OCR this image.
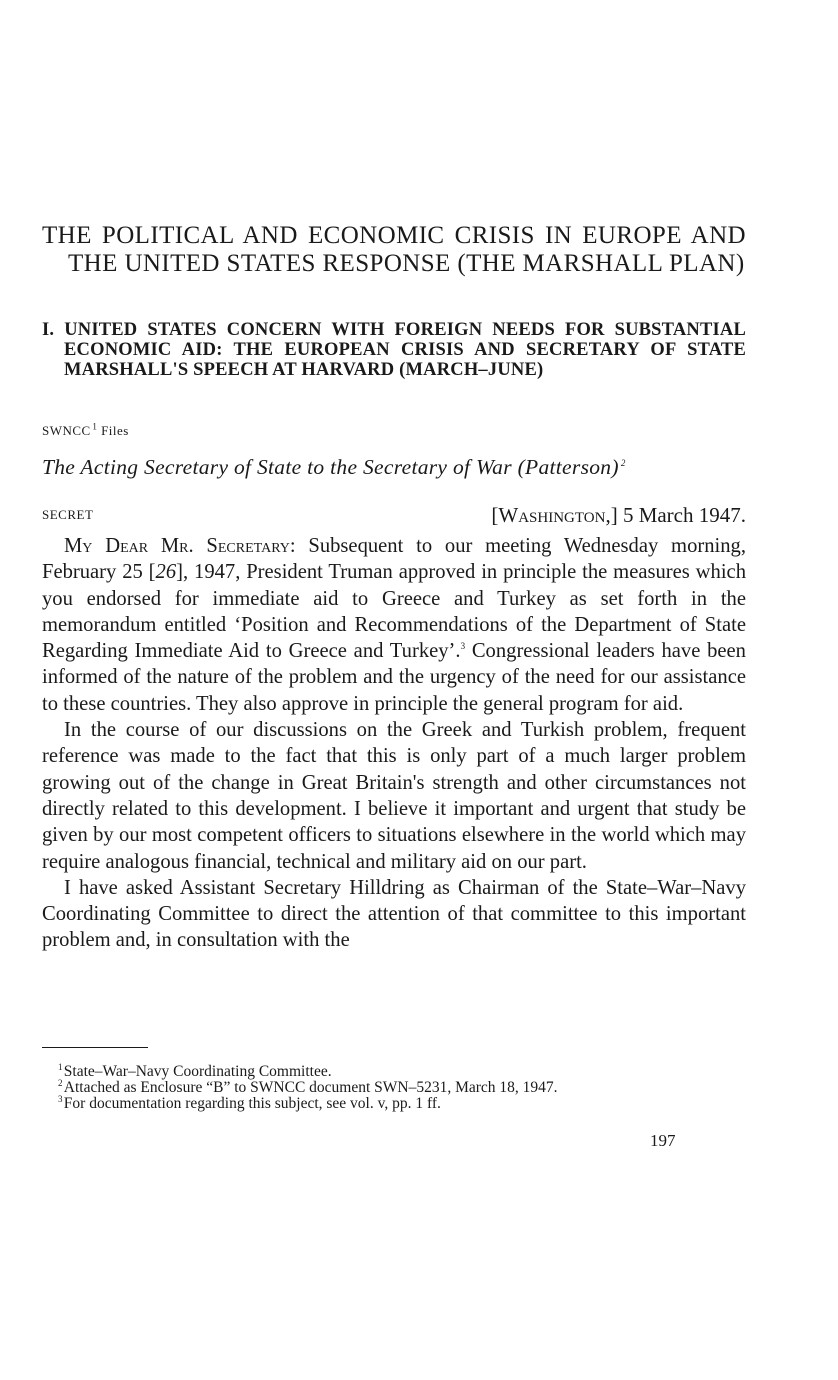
THE POLITICAL AND ECONOMIC CRISIS IN EUROPE AND THE UNITED STATES RESPONSE (THE MARSHALL PLAN)
I. UNITED STATES CONCERN WITH FOREIGN NEEDS FOR SUBSTANTIAL ECONOMIC AID: THE EUROPEAN CRISIS AND SECRETARY OF STATE MARSHALL'S SPEECH AT HARVARD (MARCH–JUNE)
SWNCC  $^1$ Files
The Acting Secretary of State to the Secretary of War (Patterson)  $^2$
SECRET	[Washington,] 5 March 1947.

My Dear Mr. Secretary: Subsequent to our meeting Wednesday morning, February 25 [26], 1947, President Truman approved in principle the measures which you endorsed for immediate aid to Greece and Turkey as set forth in the memorandum entitled ‘Position and Recommendations of the Department of State Regarding Immediate Aid to Greece and Turkey’.$^3$ Congressional leaders have been informed of the nature of the problem and the urgency of the need for our assistance to these countries. They also approve in principle the general program for aid.

In the course of our discussions on the Greek and Turkish problem, frequent reference was made to the fact that this is only part of a much larger problem growing out of the change in Great Britain's strength and other circumstances not directly related to this development. I believe it important and urgent that study be given by our most competent officers to situations elsewhere in the world which may require analogous financial, technical and military aid on our part.

I have asked Assistant Secretary Hilldring as Chairman of the State–War–Navy Coordinating Committee to direct the attention of that committee to this important problem and, in consultation with the

$^1$ State–War–Navy Coordinating Committee.

$^2$ Attached as Enclosure “B” to SWNCC document SWN–5231, March 18, 1947.

$^3$ For documentation regarding this subject, see vol. v, pp. 1 ff.

197
